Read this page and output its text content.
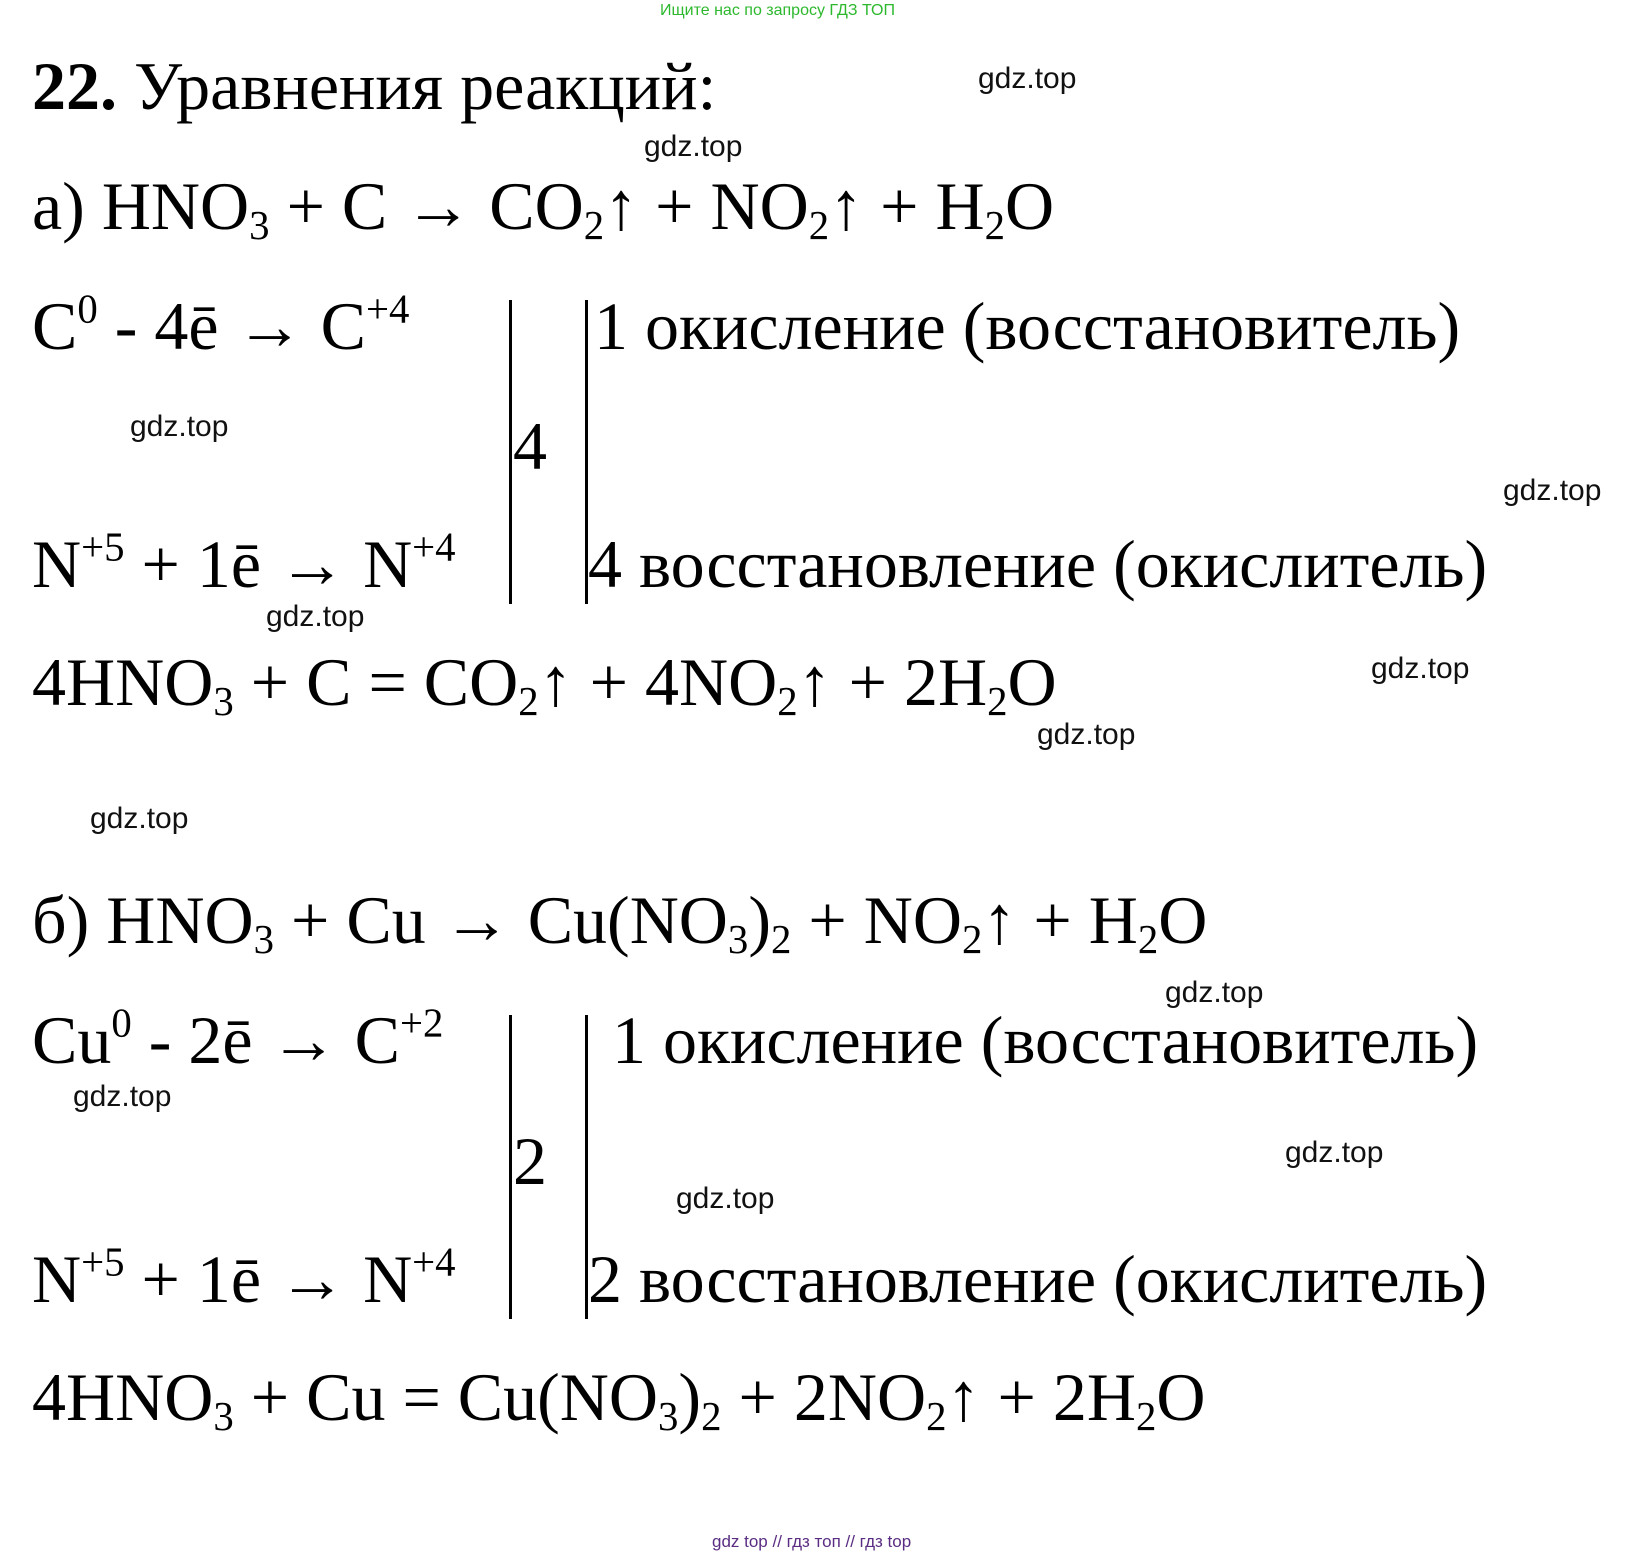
Ищите нас по запросу ГДЗ ТОП
22. Уравнения реакций:
а) $HNO_3 + C$ → $CO_2↑$ + $NO_2↑ + H_2O$
$C^0$ - 4ē → $C^{+4}$
4
1 окисление (восстановитель)
$N^{+5}$ + 1ē → $N^{+4}$ 4 восстановление (окислитель)
$4HNO_3 + C$ = $CO_2↑$ + $4NO_2↑ + 2H_2O$
б) $HNO_3 + Cu \to Cu(NO_3)_2$ + $NO_2↑ + H_2O$
Cu$^0$ - 2ē → $C^{+2}$
2
1 окисление (восстановитель)
$N^{+5}$ + 1ē → $N^{+4}$ 2 восстановление (окислитель)
$4HNO_3 + Cu = Cu(NO_3)_2$ + $2NO_2↑ + 2H_2O$
gdz.top
gdz.top
gdz.top
gdz.top
gdz.top
gdz.top
gdz.top
gdz.top
gdz.top
gdz.top
gdz.top
gdz.top
gdz top // гдз топ // гдз top
